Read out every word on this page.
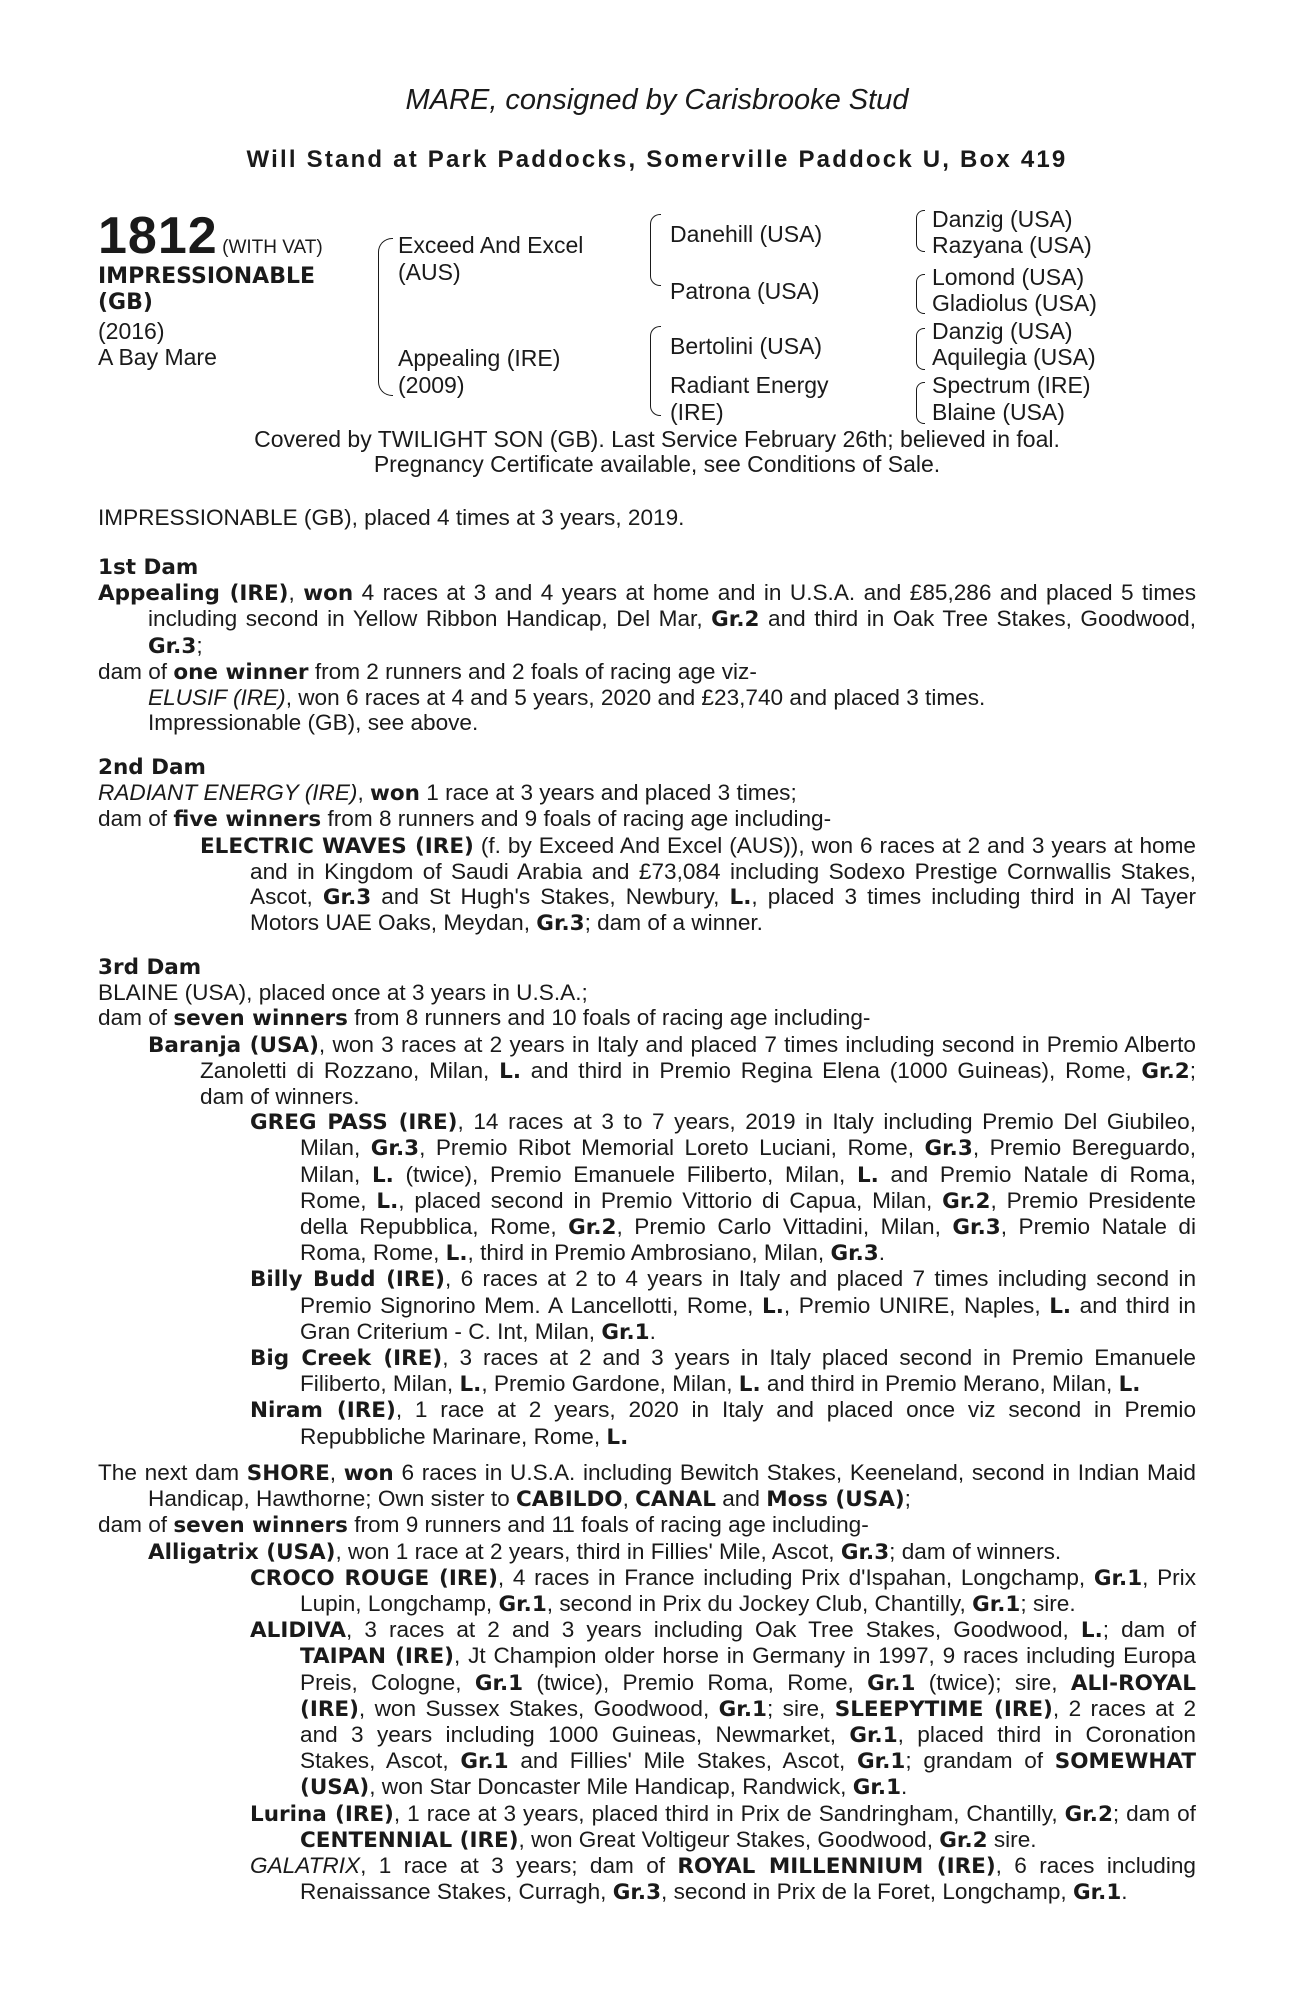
MARE, consigned by Carisbrooke Stud
Will Stand at Park Paddocks, Somerville Paddock U, Box 419
1812 (WITH VAT)
IMPRESSIONABLE
(GB)
(2016)
A Bay Mare
Exceed And Excel
(AUS)
Appealing (IRE)
(2009)
Danehill (USA)
Patrona (USA)
Bertolini (USA)
Radiant Energy
(IRE)
Danzig (USA)
Razyana (USA)
Lomond (USA)
Gladiolus (USA)
Danzig (USA)
Aquilegia (USA)
Spectrum (IRE)
Blaine (USA)
Covered by TWILIGHT SON (GB). Last Service February 26th; believed in foal.
Pregnancy Certificate available, see Conditions of Sale.
IMPRESSIONABLE (GB), placed 4 times at 3 years, 2019.
1st Dam
Appealing (IRE), won 4 races at 3 and 4 years at home and in U.S.A. and £85,286 and placed 5 times including second in Yellow Ribbon Handicap, Del Mar, Gr.2 and third in Oak Tree Stakes, Goodwood, Gr.3;
dam of one winner from 2 runners and 2 foals of racing age viz-
ELUSIF (IRE), won 6 races at 4 and 5 years, 2020 and £23,740 and placed 3 times.
Impressionable (GB), see above.
2nd Dam
RADIANT ENERGY (IRE), won 1 race at 3 years and placed 3 times;
dam of five winners from 8 runners and 9 foals of racing age including-
ELECTRIC WAVES (IRE) (f. by Exceed And Excel (AUS)), won 6 races at 2 and 3 years at home and in Kingdom of Saudi Arabia and £73,084 including Sodexo Prestige Cornwallis Stakes, Ascot, Gr.3 and St Hugh's Stakes, Newbury, L., placed 3 times including third in Al Tayer Motors UAE Oaks, Meydan, Gr.3; dam of a winner.
3rd Dam
BLAINE (USA), placed once at 3 years in U.S.A.;
dam of seven winners from 8 runners and 10 foals of racing age including-
Baranja (USA), won 3 races at 2 years in Italy and placed 7 times including second in Premio Alberto Zanoletti di Rozzano, Milan, L. and third in Premio Regina Elena (1000 Guineas), Rome, Gr.2; dam of winners.
GREG PASS (IRE), 14 races at 3 to 7 years, 2019 in Italy including Premio Del Giubileo, Milan, Gr.3, Premio Ribot Memorial Loreto Luciani, Rome, Gr.3, Premio Bereguardo, Milan, L. (twice), Premio Emanuele Filiberto, Milan, L. and Premio Natale di Roma, Rome, L., placed second in Premio Vittorio di Capua, Milan, Gr.2, Premio Presidente della Repubblica, Rome, Gr.2, Premio Carlo Vittadini, Milan, Gr.3, Premio Natale di Roma, Rome, L., third in Premio Ambrosiano, Milan, Gr.3.
Billy Budd (IRE), 6 races at 2 to 4 years in Italy and placed 7 times including second in Premio Signorino Mem. A Lancellotti, Rome, L., Premio UNIRE, Naples, L. and third in Gran Criterium - C. Int, Milan, Gr.1.
Big Creek (IRE), 3 races at 2 and 3 years in Italy placed second in Premio Emanuele Filiberto, Milan, L., Premio Gardone, Milan, L. and third in Premio Merano, Milan, L.
Niram (IRE), 1 race at 2 years, 2020 in Italy and placed once viz second in Premio Repubbliche Marinare, Rome, L.
The next dam SHORE, won 6 races in U.S.A. including Bewitch Stakes, Keeneland, second in Indian Maid Handicap, Hawthorne; Own sister to CABILDO, CANAL and Moss (USA);
dam of seven winners from 9 runners and 11 foals of racing age including-
Alligatrix (USA), won 1 race at 2 years, third in Fillies' Mile, Ascot, Gr.3; dam of winners.
CROCO ROUGE (IRE), 4 races in France including Prix d'Ispahan, Longchamp, Gr.1, Prix Lupin, Longchamp, Gr.1, second in Prix du Jockey Club, Chantilly, Gr.1; sire.
ALIDIVA, 3 races at 2 and 3 years including Oak Tree Stakes, Goodwood, L.; dam of TAIPAN (IRE), Jt Champion older horse in Germany in 1997, 9 races including Europa Preis, Cologne, Gr.1 (twice), Premio Roma, Rome, Gr.1 (twice); sire, ALI-ROYAL (IRE), won Sussex Stakes, Goodwood, Gr.1; sire, SLEEPYTIME (IRE), 2 races at 2 and 3 years including 1000 Guineas, Newmarket, Gr.1, placed third in Coronation Stakes, Ascot, Gr.1 and Fillies' Mile Stakes, Ascot, Gr.1; grandam of SOMEWHAT (USA), won Star Doncaster Mile Handicap, Randwick, Gr.1.
Lurina (IRE), 1 race at 3 years, placed third in Prix de Sandringham, Chantilly, Gr.2; dam of CENTENNIAL (IRE), won Great Voltigeur Stakes, Goodwood, Gr.2 sire.
GALATRIX, 1 race at 3 years; dam of ROYAL MILLENNIUM (IRE), 6 races including Renaissance Stakes, Curragh, Gr.3, second in Prix de la Foret, Longchamp, Gr.1.
